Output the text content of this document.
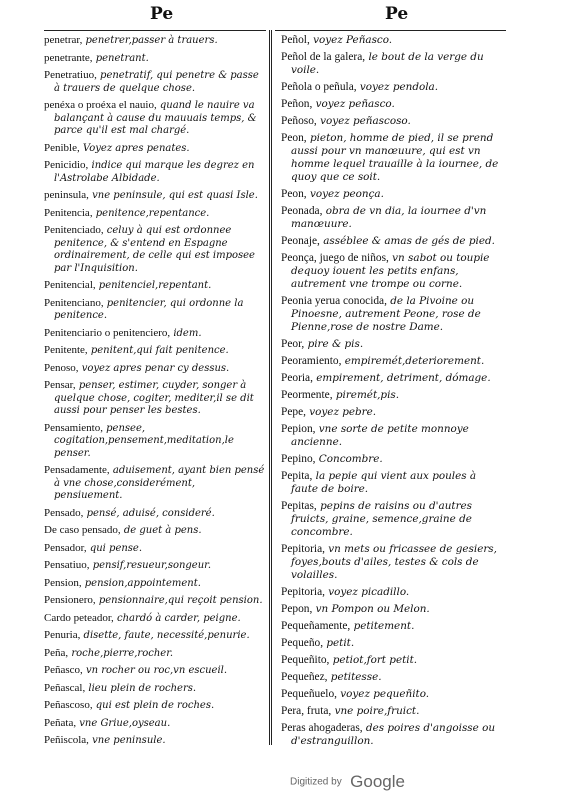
Pe	Pe
penetrar, penetrer,passer à trauers.
penetrante, penetrant.
Penetratiuo, penetratif, qui penetre & passe à trauers de quelque chose.
penéxa o proéxa el nauio, quand le nauire va balançant à cause du mauuais temps, & parce qu'il est mal chargé.
Penible, Voyez apres penates.
Penicidio, indice qui marque les degrez en l'Astrolabe Albidade.
peninsula, vne peninsule, qui est quasi Isle.
Penitencia, penitence,repentance.
Penitenciado, celuy à qui est ordonnee penitence, & s'entend en Espagne ordinairement, de celle qui est imposee par l'Inquisition.
Penitencial, penitenciel,repentant.
Penitenciano, penitencier, qui ordonne la penitence.
Penitenciario o penitenciero, idem.
Penitente, penitent,qui fait penitence.
Penoso, voyez apres penar cy dessus.
Pensar, penser, estimer, cuyder, songer à quelque chose, cogiter, mediter,il se dit aussi pour penser les bestes.
Pensamiento, pensee, cogitation,pensement,meditation,le penser.
Pensadamente, aduisement, ayant bien pensé à vne chose,considerément, pensiuement.
Pensado, pensé, aduisé, consideré.
De caso pensado, de guet à pens.
Pensador, qui pense.
Pensatiuo, pensif,resueur,songeur.
Pension, pension,appointement.
Pensionero, pensionnaire,qui reçoit pension.
Cardo peteador, chardó à carder, peigne.
Penuria, disette, faute, necessité,penurie.
Peña, roche,pierre,rocher.
Peñasco, vn rocher ou roc,vn escueil.
Peñascal, lieu plein de rochers.
Peñascoso, qui est plein de roches.
Peñata, vne Griue,oyseau.
Peñiscola, vne peninsule.
Peñol, voyez Peñasco.
Peñol de la galera, le bout de la verge du voile.
Peñola o peñula, voyez pendola.
Peñon, voyez peñasco.
Peñoso, voyez peñascoso.
Peon, pieton, homme de pied, il se prend aussi pour vn manœuure, qui est vn homme lequel trauaille à la iournee, de quoy que ce soit.
Peon, voyez peonça.
Peonada, obra de vn dia, la iournee d'vn manœuure.
Peonaje, asséblee & amas de gés de pied.
Peonça, juego de niños, vn sabot ou toupie dequoy iouent les petits enfans, autrement vne trompe ou corne.
Peonia yerua conocida, de la Pivoine ou Pinoesne, autrement Peone, rose de Pienne,rose de nostre Dame.
Peor, pire & pis.
Peoramiento, empiremét,deteriorement.
Peoria, empirement, detriment, dómage.
Peormente, piremét,pis.
Pepe, voyez pebre.
Pepion, vne sorte de petite monnoye ancienne.
Pepino, Concombre.
Pepita, la pepie qui vient aux poules à faute de boire.
Pepitas, pepins de raisins ou d'autres fruicts, graine, semence,graine de concombre.
Pepitoria, vn mets ou fricassee de gesiers, foyes,bouts d'ailes, testes & cols de volailles.
Pepitoria, voyez picadillo.
Pepon, vn Pompon ou Melon.
Pequeñamente, petitement.
Pequeño, petit.
Pequeñito, petiot,fort petit.
Pequeñez, petitesse.
Pequeñuelo, voyez pequeñito.
Pera, fruta, vne poire,fruict.
Peras ahogaderas, des poires d'angoisse ou d'estranguillon.
Digitized by Google
